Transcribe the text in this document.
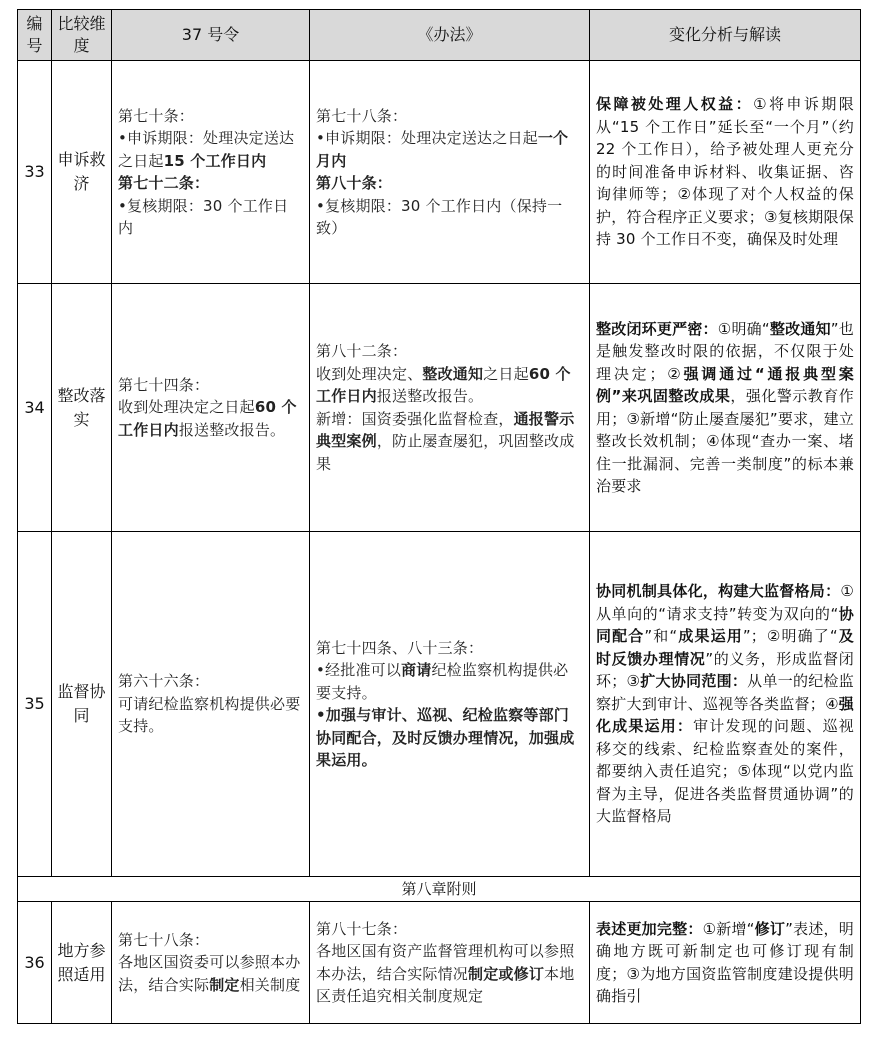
编号	比较维度	37 号令	《办法》	变化分析与解读
33	申诉救济	第七十条：
•申诉期限：处理决定送达之日起15 个工作日内
第七十二条：
•复核期限：30 个工作日内	第七十八条：
•申诉期限：处理决定送达之日起一个月内
第八十条：
•复核期限：30 个工作日内（保持一致）	保障被处理人权益：①将申诉期限从“15 个工作日”延长至“一个月”（约 22 个工作日），给予被处理人更充分的时间准备申诉材料、收集证据、咨询律师等；②体现了对个人权益的保护，符合程序正义要求；③复核期限保持 30 个工作日不变，确保及时处理
34	整改落实	第七十四条：
收到处理决定之日起60 个工作日内报送整改报告。	第八十二条：
收到处理决定、整改通知之日起60 个工作日内报送整改报告。
新增：国资委强化监督检查，通报警示典型案例，防止屡查屡犯，巩固整改成果	整改闭环更严密：①明确“整改通知”也是触发整改时限的依据，不仅限于处理决定；②强调通过“通报典型案例”来巩固整改成果，强化警示教育作用；③新增“防止屡查屡犯”要求，建立整改长效机制；④体现“查办一案、堵住一批漏洞、完善一类制度”的标本兼治要求
35	监督协同	第六十六条：
可请纪检监察机构提供必要支持。	第七十四条、八十三条：
•经批准可以商请纪检监察机构提供必要支持。
•加强与审计、巡视、纪检监察等部门协同配合，及时反馈办理情况，加强成果运用。	协同机制具体化，构建大监督格局：①从单向的“请求支持”转变为双向的“协同配合”和“成果运用”；②明确了“及时反馈办理情况”的义务，形成监督闭环；③扩大协同范围：从单一的纪检监察扩大到审计、巡视等各类监督；④强化成果运用：审计发现的问题、巡视移交的线索、纪检监察查处的案件，都要纳入责任追究；⑤体现“以党内监督为主导，促进各类监督贯通协调”的大监督格局
第八章附则				
36	地方参照适用	第七十八条：
各地区国资委可以参照本办法，结合实际制定相关制度	第八十七条：
各地区国有资产监督管理机构可以参照本办法，结合实际情况制定或修订本地区责任追究相关制度规定	表述更加完整：①新增“修订”表述，明确地方既可新制定也可修订现有制度；③为地方国资监管制度建设提供明确指引
